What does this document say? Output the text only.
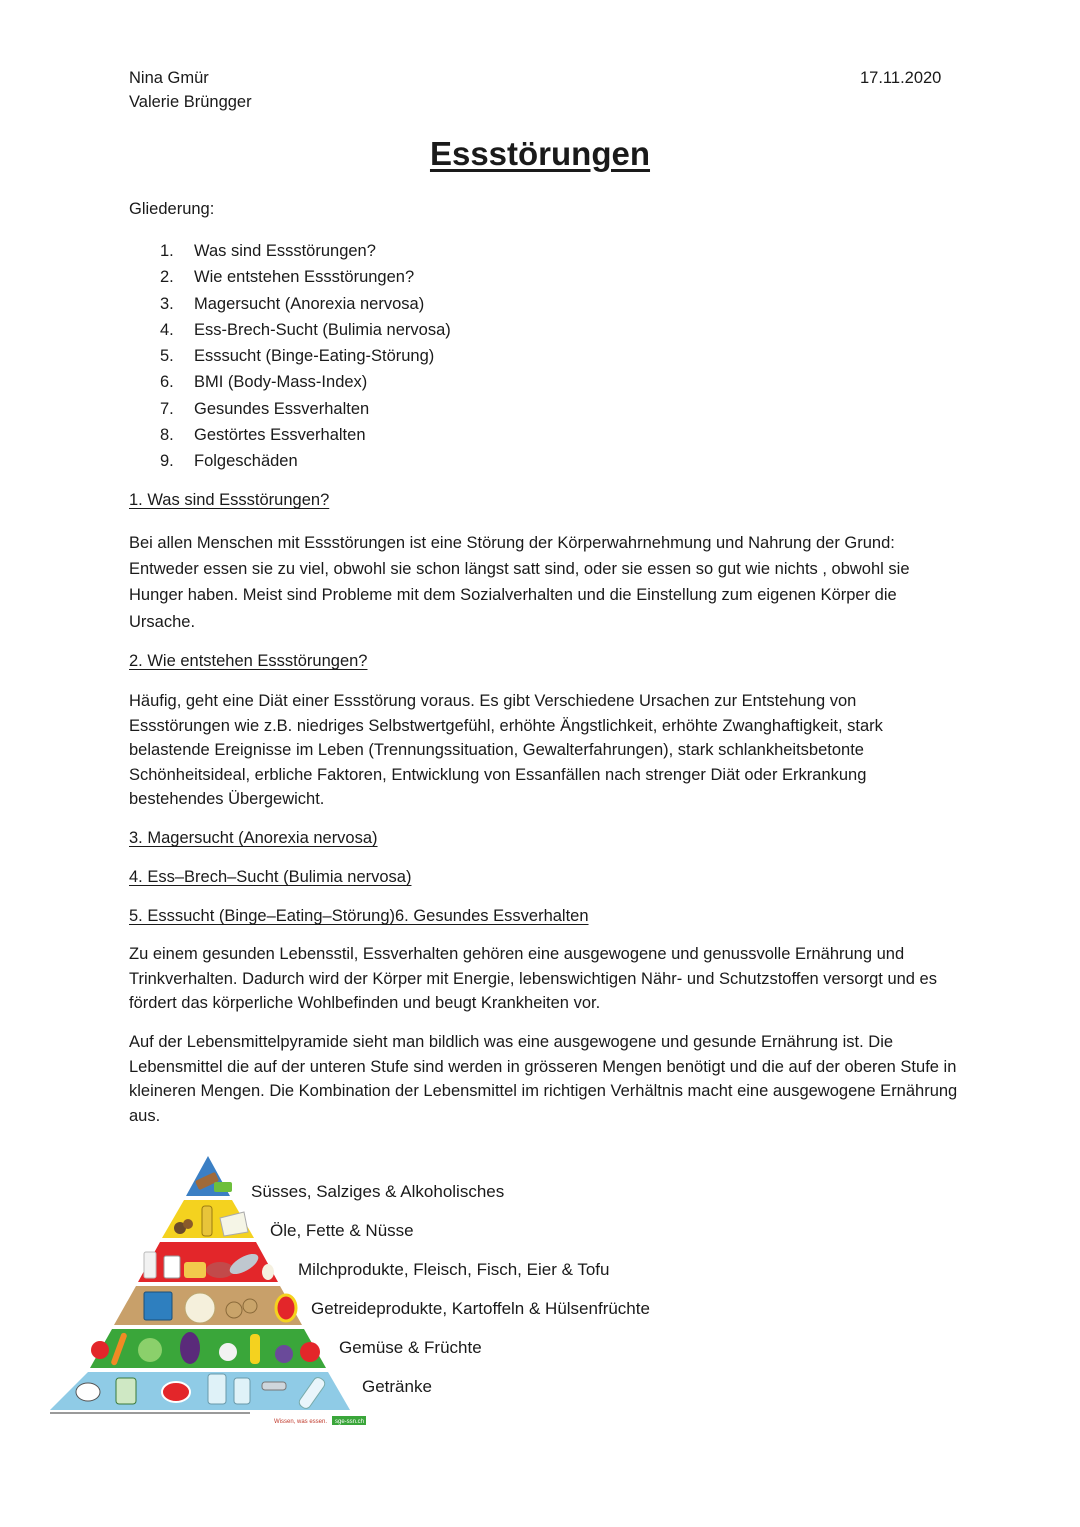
Nina Gmür
Valerie Brüngger
17.11.2020
Essstörungen
Gliederung:
1. Was sind Essstörungen?
2. Wie entstehen Essstörungen?
3. Magersucht (Anorexia nervosa)
4. Ess-Brech-Sucht (Bulimia nervosa)
5. Esssucht (Binge-Eating-Störung)
6. BMI (Body-Mass-Index)
7. Gesundes Essverhalten
8. Gestörtes Essverhalten
9. Folgeschäden
1. Was sind Essstörungen?
Bei allen Menschen mit Essstörungen ist eine Störung der Körperwahrnehmung und Nahrung der Grund: Entweder essen sie zu viel, obwohl sie schon längst satt sind, oder sie essen so gut wie nichts , obwohl sie Hunger haben. Meist sind Probleme mit dem Sozialverhalten und die Einstellung zum eigenen Körper die Ursache.
2. Wie entstehen Essstörungen?
Häufig, geht eine Diät einer Essstörung voraus. Es gibt Verschiedene Ursachen zur Entstehung von Essstörungen wie z.B. niedriges Selbstwertgefühl, erhöhte Ängstlichkeit, erhöhte Zwanghaftigkeit, stark belastende Ereignisse im Leben (Trennungssituation, Gewalterfahrungen), stark schlankheitsbetonte Schönheitsideal, erbliche Faktoren, Entwicklung von Essanfällen nach strenger Diät oder Erkrankung bestehendes Übergewicht.
3. Magersucht (Anorexia nervosa)
4. Ess–Brech–Sucht (Bulimia nervosa)
5. Esssucht (Binge–Eating–Störung)6. Gesundes Essverhalten
Zu einem gesunden Lebensstil, Essverhalten gehören eine ausgewogene und genussvolle Ernährung und Trinkverhalten. Dadurch wird der Körper mit Energie, lebenswichtigen Nähr- und Schutzstoffen versorgt und es fördert das körperliche Wohlbefinden und beugt Krankheiten vor.
Auf der Lebensmittelpyramide sieht man bildlich was eine ausgewogene und gesunde Ernährung ist. Die Lebensmittel die auf der unteren Stufe sind werden in grösseren Mengen benötigt und die auf der oberen Stufe in kleineren Mengen. Die Kombination der Lebensmittel im richtigen Verhältnis macht eine ausgewogene Ernährung aus.
Wissen, was essen. sge-ssn.ch
Süsses, Salziges & Alkoholisches
Öle, Fette & Nüsse
Milchprodukte, Fleisch, Fisch, Eier & Tofu
Getreideprodukte, Kartoffeln & Hülsenfrüchte
Gemüse & Früchte
Getränke
